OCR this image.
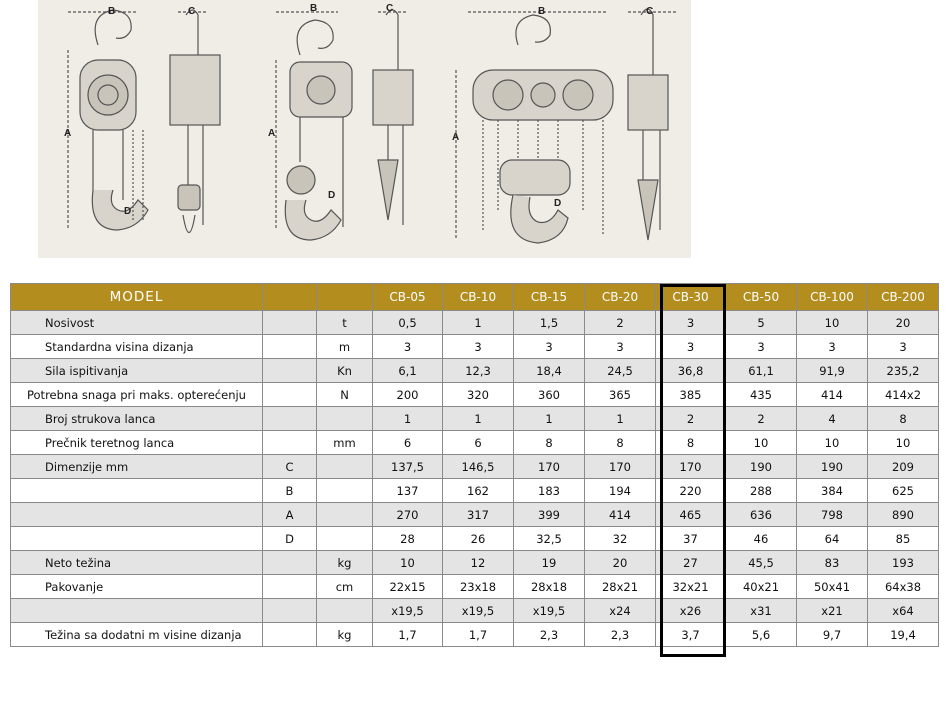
B	C
A
D
B	C
A
D
B	C
A
D
MODEL			CB-05	CB-10	CB-15	CB-20	CB-30	CB-50	CB-100	CB-200
Nosivost		t	0,5	1	1,5	2	3	5	10	20
Standardna visina dizanja		m	3	3	3	3	3	3	3	3
Sila ispitivanja		Kn	6,1	12,3	18,4	24,5	36,8	61,1	91,9	235,2
Potrebna snaga pri maks. opterećenju		N	200	320	360	365	385	435	414	414x2
Broj strukova lanca			1	1	1	1	2	2	4	8
Prečnik teretnog lanca		mm	6	6	8	8	8	10	10	10
Dimenzije mm	C		137,5	146,5	170	170	170	190	190	209
	B		137	162	183	194	220	288	384	625
	A		270	317	399	414	465	636	798	890
	D		28	26	32,5	32	37	46	64	85
Neto težina		kg	10	12	19	20	27	45,5	83	193
Pakovanje		cm	22x15	23x18	28x18	28x21	32x21	40x21	50x41	64x38
			x19,5	x19,5	x19,5	x24	x26	x31	x21	x64
Težina sa dodatni m visine dizanja		kg	1,7	1,7	2,3	2,3	3,7	5,6	9,7	19,4
